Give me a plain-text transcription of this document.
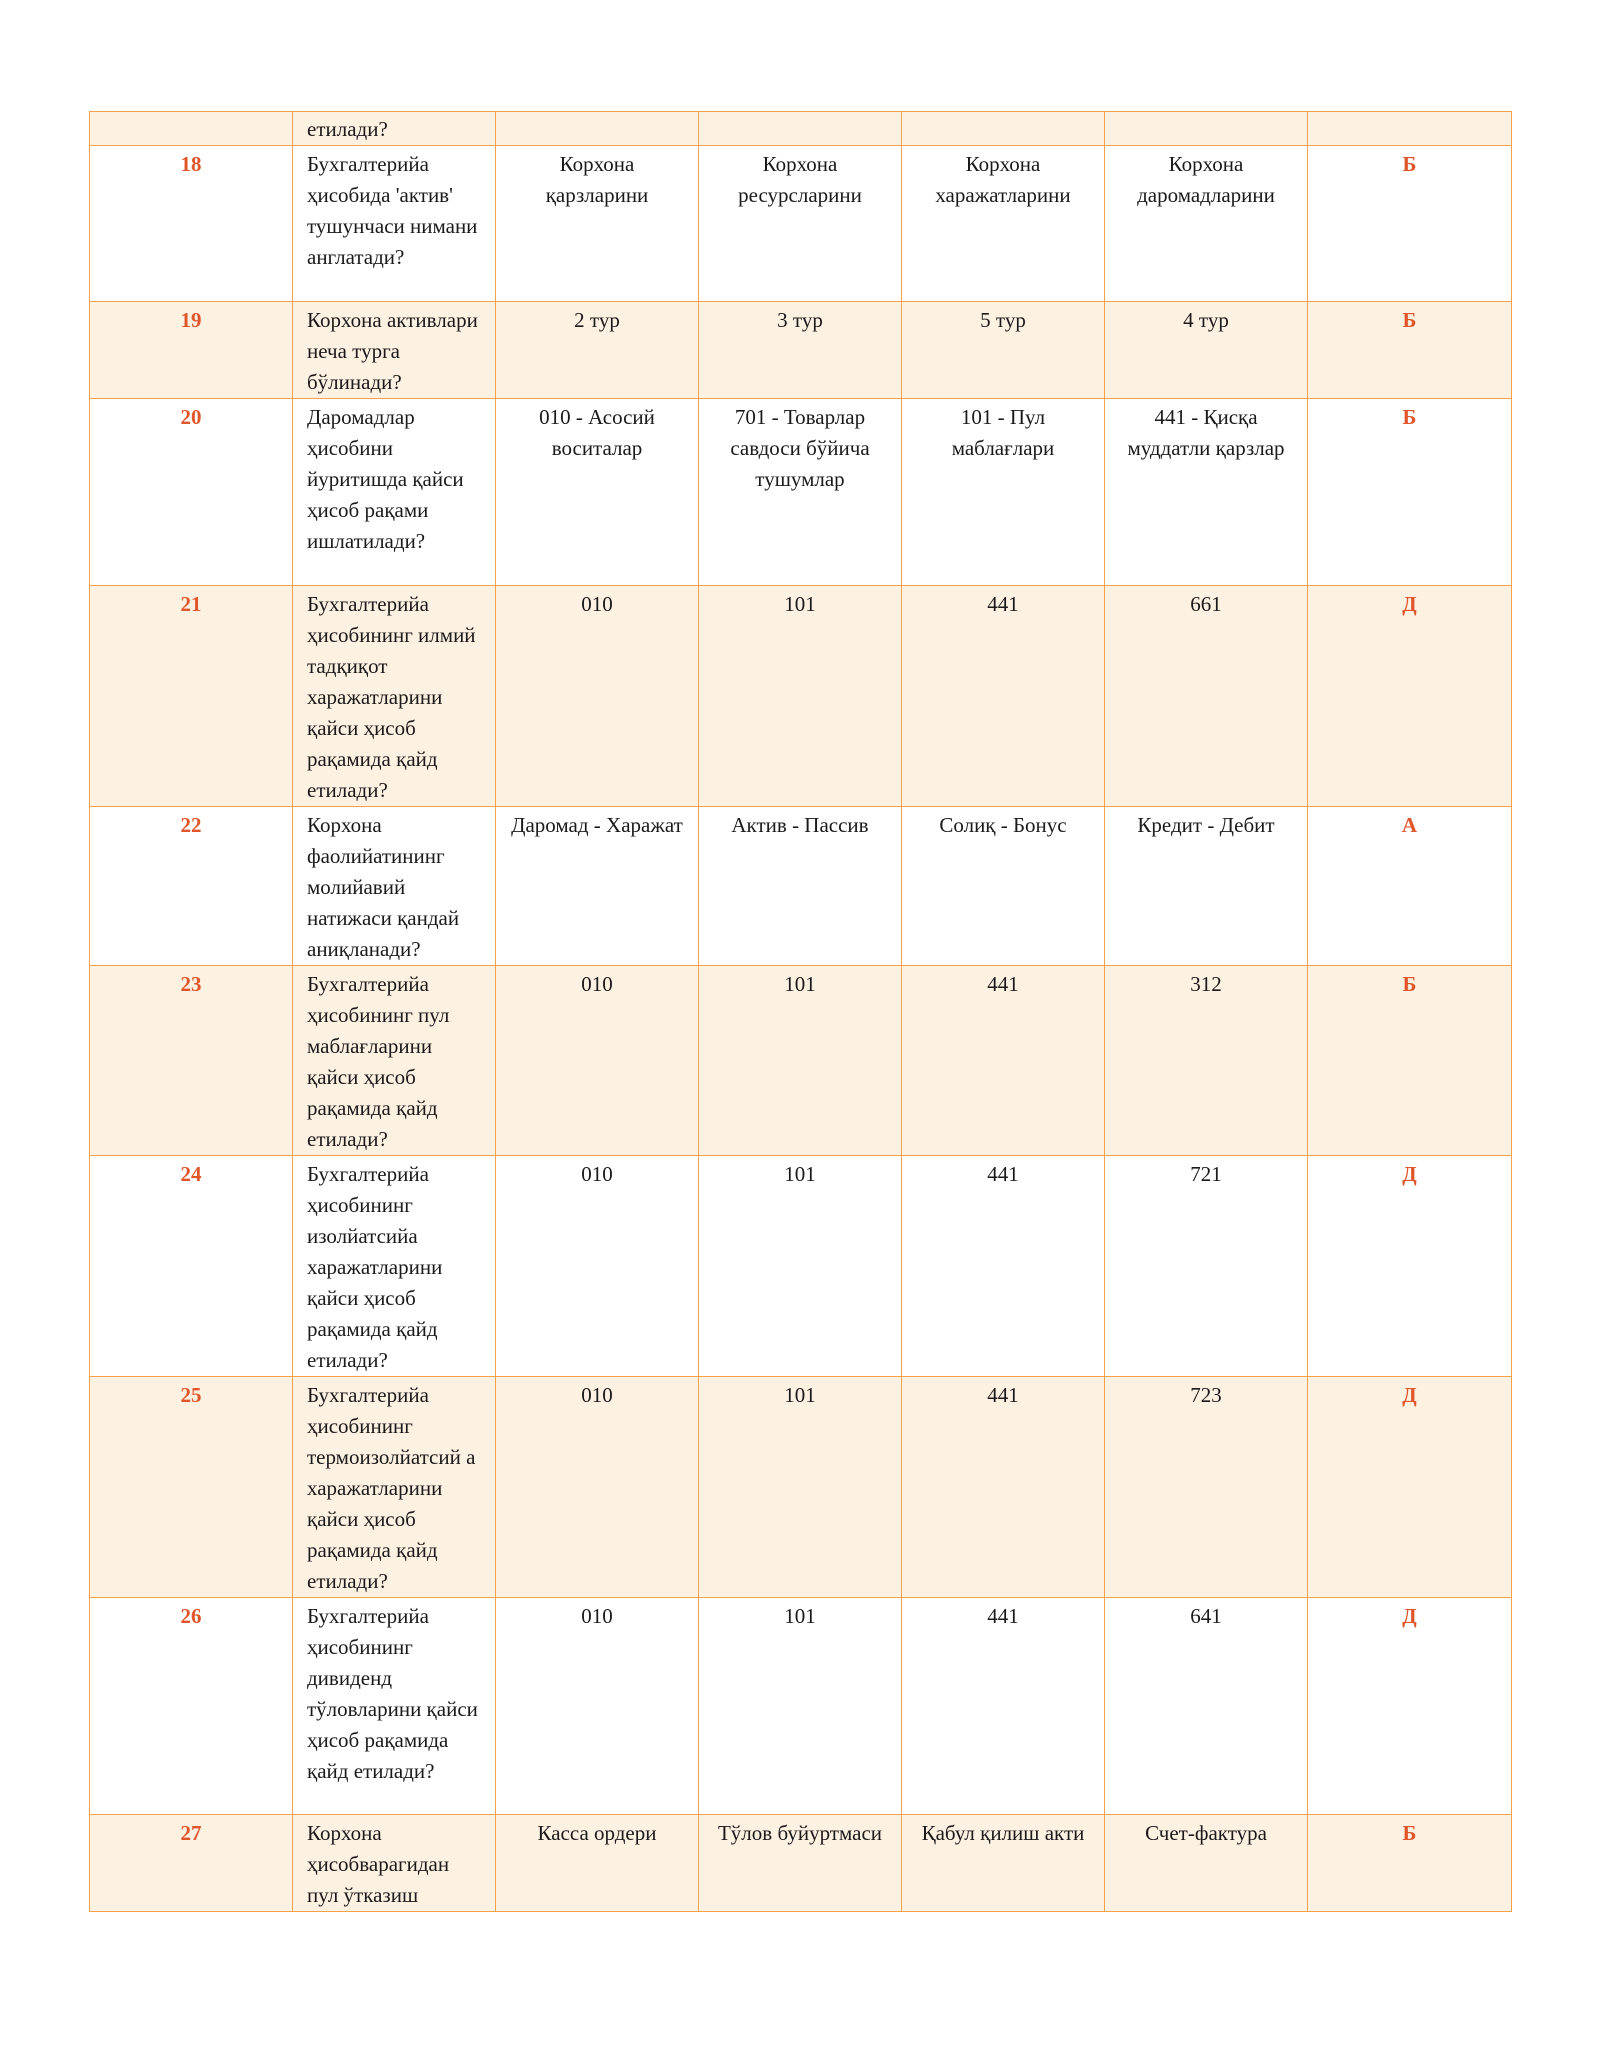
	етилади?					
18	Бухгалтерийа ҳисобида 'актив' тушунчаси нимани англатади?	Корхона қарзларини	Корхона ресурсларини	Корхона харажатларини	Корхона даромадларини	Б
19	Корхона активлари неча турга бўлинади?	2 тур	3 тур	5 тур	4 тур	Б
20	Даромадлар ҳисобини йуритишда қайси ҳисоб рақами ишлатилади?	010 - Асосий воситалар	701 - Товарлар савдоси бўйича тушумлар	101 - Пул маблағлари	441 - Қисқа муддатли қарзлар	Б
21	Бухгалтерийа ҳисобининг илмий тадқиқот харажатларини қайси ҳисоб рақамида қайд етилади?	010	101	441	661	Д
22	Корхона фаолийатининг молийавий натижаси қандай аниқланади?	Даромад - Харажат	Актив - Пассив	Солиқ - Бонус	Кредит - Дебит	А
23	Бухгалтерийа ҳисобининг пул маблағларини қайси ҳисоб рақамида қайд етилади?	010	101	441	312	Б
24	Бухгалтерийа ҳисобининг изолйатсийа харажатларини қайси ҳисоб рақамида қайд етилади?	010	101	441	721	Д
25	Бухгалтерийа ҳисобининг термоизолйатсий а харажатларини қайси ҳисоб рақамида қайд етилади?	010	101	441	723	Д
26	Бухгалтерийа ҳисобининг дивиденд тўловларини қайси ҳисоб рақамида қайд етилади?	010	101	441	641	Д
27	Корхона ҳисобварагидан пул ўтказиш	Касса ордери	Тўлов буйуртмаси	Қабул қилиш акти	Счет-фактура	Б
